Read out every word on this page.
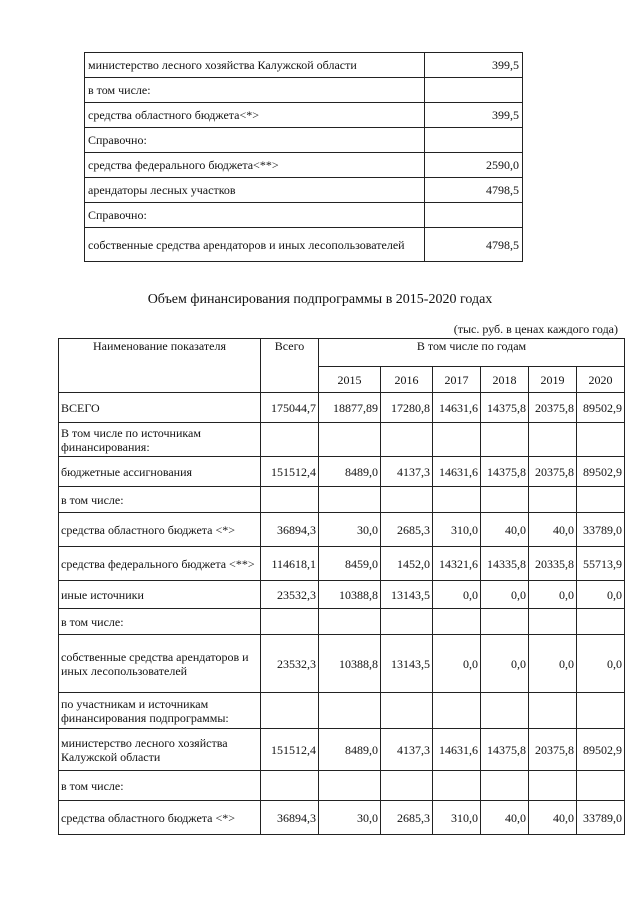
министерство лесного хозяйства Калужской области	399,5
в том числе:	
средства областного бюджета<*>	399,5
Справочно:	
средства федерального бюджета<**>	2590,0
арендаторы лесных участков	4798,5
Справочно:	
собственные средства арендаторов и иных лесопользователей	4798,5
Объем финансирования подпрограммы в 2015-2020 годах
(тыс. руб. в ценах каждого года)
Наименование показателя	Всего	В том числе по годам					
		2015	2016	2017	2018	2019	2020
ВСЕГО	175044,7	18877,89	17280,8	14631,6	14375,8	20375,8	89502,9
В том числе по источникам финансирования:							
бюджетные ассигнования	151512,4	8489,0	4137,3	14631,6	14375,8	20375,8	89502,9
в том числе:							
средства областного бюджета <*>	36894,3	30,0	2685,3	310,0	40,0	40,0	33789,0
средства федерального бюджета <**>	114618,1	8459,0	1452,0	14321,6	14335,8	20335,8	55713,9
иные источники	23532,3	10388,8	13143,5	0,0	0,0	0,0	0,0
в том числе:							
собственные средства арендаторов и иных лесопользователей	23532,3	10388,8	13143,5	0,0	0,0	0,0	0,0
по участникам и источникам финансирования подпрограммы:							
министерство лесного хозяйства Калужской области	151512,4	8489,0	4137,3	14631,6	14375,8	20375,8	89502,9
в том числе:							
средства областного бюджета <*>	36894,3	30,0	2685,3	310,0	40,0	40,0	33789,0
